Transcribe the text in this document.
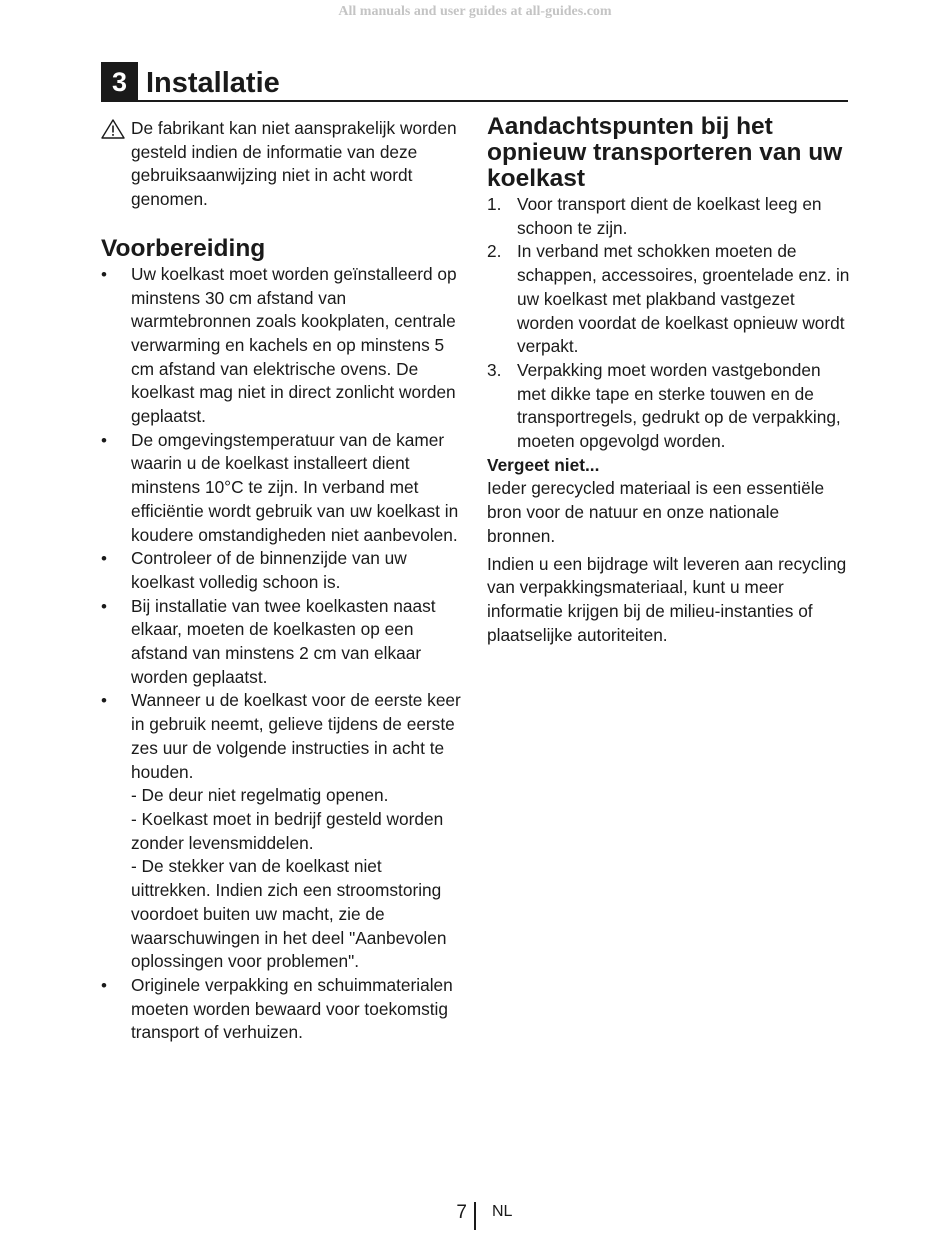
All manuals and user guides at all-guides.com
3 Installatie
De fabrikant kan niet aansprakelijk worden gesteld indien de informatie van deze gebruiksaanwijzing niet in acht wordt genomen.
Voorbereiding
• Uw koelkast moet worden geïnstalleerd op minstens 30 cm afstand van warmtebronnen zoals kookplaten, centrale verwarming en kachels en op minstens 5 cm afstand van elektrische ovens. De koelkast mag niet in direct zonlicht worden geplaatst.
• De omgevingstemperatuur van de kamer waarin u de koelkast installeert dient minstens 10°C te zijn. In verband met efficiëntie wordt gebruik van uw koelkast in koudere omstandigheden niet aanbevolen.
• Controleer of de binnenzijde van uw koelkast volledig schoon is.
• Bij installatie van twee koelkasten naast elkaar, moeten de koelkasten op een afstand van minstens 2 cm van elkaar worden geplaatst.
• Wanneer u de koelkast voor de eerste keer in gebruik neemt, gelieve tijdens de eerste zes uur de volgende instructies in acht te houden.
- De deur niet regelmatig openen.
- Koelkast moet in bedrijf gesteld worden zonder levensmiddelen.
- De stekker van de koelkast niet uittrekken. Indien zich een stroomstoring voordoet buiten uw macht, zie de waarschuwingen in het deel "Aanbevolen oplossingen voor problemen".
• Originele verpakking en schuimmaterialen moeten worden bewaard voor toekomstig transport of verhuizen.
Aandachtspunten bij het opnieuw transporteren van uw koelkast
1. Voor transport dient de koelkast leeg en schoon te zijn.
2. In verband met schokken moeten de schappen, accessoires, groentelade enz. in uw koelkast met plakband vastgezet worden voordat de koelkast opnieuw wordt verpakt.
3. Verpakking moet worden vastgebonden met dikke tape en sterke touwen en de transportregels, gedrukt op de verpakking, moeten opgevolgd worden.
Vergeet niet...

Ieder gerecycled materiaal is een essentiële bron voor de natuur en onze nationale bronnen.

Indien u een bijdrage wilt leveren aan recycling van verpakkingsmateriaal, kunt u meer informatie krijgen bij de milieu-instanties of plaatselijke autoriteiten.

7 NL
